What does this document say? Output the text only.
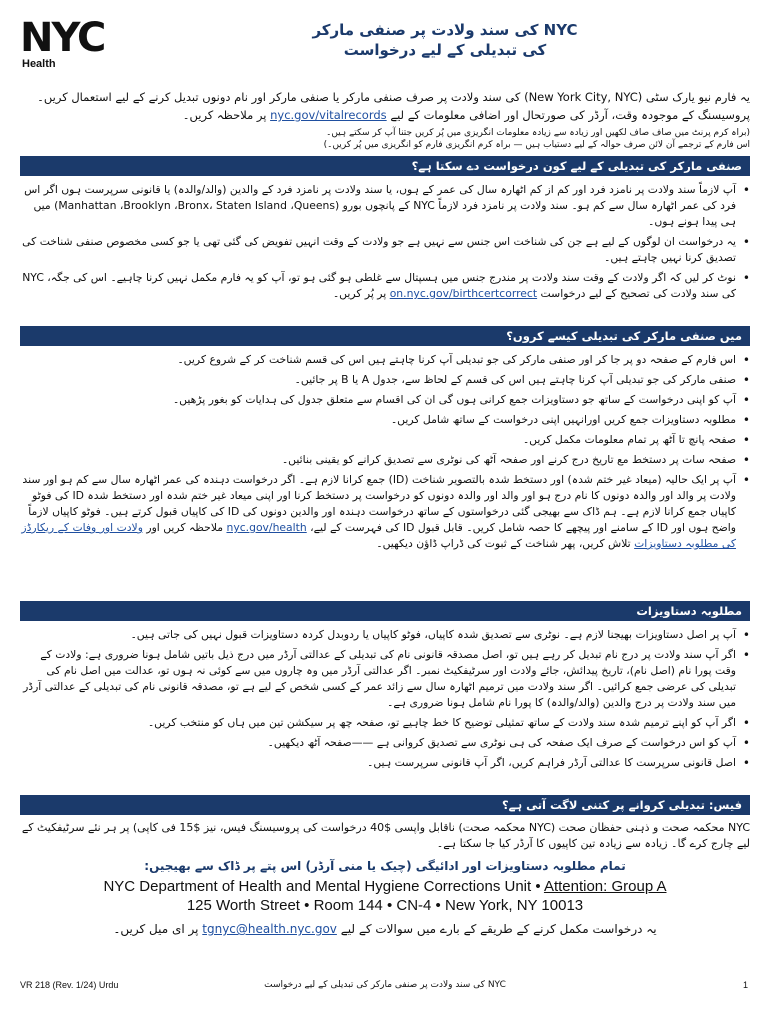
NYC
Health
NYC کی سند ولادت پر صنفی مارکر
کی تبدیلی کے لیے درخواست
یہ فارم نیو یارک سٹی (New York City, NYC) کی سند ولادت پر صرف صنفی مارکر یا صنفی مارکر اور نام دونوں تبدیل کرنے کے لیے استعمال کریں۔ پروسیسنگ کے موجودہ وقت، آرڈر کی صورتحال اور اضافی معلومات کے لیے nyc.gov/vitalrecords پر ملاحظہ کریں۔
(براہ کرم پرنٹ میں صاف صاف لکھیں اور زیادہ سے زیادہ معلومات انگریزی میں پُر کریں جتنا آپ کر سکتے ہیں۔
اس فارم کے ترجمے آن لائن صرف حوالہ کے لیے دستیاب ہیں — براہ کرم انگریزی فارم کو انگریزی میں پُر کریں۔)
صنفی مارکر کی تبدیلی کے لیے کون درخواست دے سکتا ہے؟
• آپ لازماً سند ولادت پر نامزد فرد اور کم از کم اٹھارہ سال کی عمر کے ہوں، یا سند ولادت پر نامزد فرد کے والدین (والد/والدہ) یا قانونی سرپرست ہوں اگر اس فرد کی عمر اٹھارہ سال سے کم ہو۔ سند ولادت پر نامزد فرد لازماً NYC کے پانچوں بورو (Manhattan ،Brooklyn ،Bronx، Staten Island ،Queens) میں ہی پیدا ہونے ہوں۔
• یہ درخواست ان لوگوں کے لیے ہے جن کی شناخت اس جنس سے نہیں ہے جو ولادت کے وقت انہیں تفویض کی گئی تھی یا جو کسی مخصوص صنفی شناخت کی تصدیق کرنا نہیں چاہتے ہیں۔
• نوٹ کر لیں کہ اگر ولادت کے وقت سند ولادت پر مندرج جنس میں ہسپتال سے غلطی ہو گئی ہو تو، آپ کو یہ فارم مکمل نہیں کرنا چاہیے۔ اس کی جگہ، NYC کی سند ولادت کی تصحیح کے لیے درخواست on.nyc.gov/birthcertcorrect پر پُر کریں۔
میں صنفی مارکر کی تبدیلی کیسے کروں؟
• اس فارم کے صفحہ دو پر جا کر اور صنفی مارکر کی جو تبدیلی آپ کرنا چاہتے ہیں اس کی قسم شناخت کر کے شروع کریں۔
• صنفی مارکر کی جو تبدیلی آپ کرنا چاہتے ہیں اس کی قسم کے لحاظ سے، جدول A یا B پر جائیں۔
• آپ کو اپنی درخواست کے ساتھ جو دستاویزات جمع کرانی ہوں گی ان کی اقسام سے متعلق جدول کی ہدایات کو بغور پڑھیں۔
• مطلوبہ دستاویزات جمع کریں اورانہیں اپنی درخواست کے ساتھ شامل کریں۔
• صفحہ پانچ تا آٹھ پر تمام معلومات مکمل کریں۔
• صفحہ سات پر دستخط مع تاریخ درج کرنے اور صفحہ آٹھ کی نوٹری سے تصدیق کرانے کو یقینی بنائیں۔
• آپ پر ایک حالیہ (میعاد غیر ختم شدہ) اور دستخط شدہ بالتصویر شناخت (ID) جمع کرانا لازم ہے۔ اگر درخواست دہندہ کی عمر اٹھارہ سال سے کم ہو اور سند ولادت پر والد اور والدہ دونوں کا نام درج ہو اور والد اور والدہ دونوں کو درخواست پر دستخط کرنا اور اپنی میعاد غیر ختم شدہ اور دستخط شدہ ID کی فوٹو کاپیاں جمع کرانا لازم ہے۔ ہم ڈاک سے بھیجی گئی درخواستوں کے ساتھ درخواست دہندہ اور والدین دونوں کی ID کی کاپیاں قبول کرتے ہیں۔ فوٹو کاپیاں لازماً واضح ہوں اور ID کے سامنے اور پیچھے کا حصہ شامل کریں۔ قابل قبول ID کی فہرست کے لیے، nyc.gov/health ملاحظہ کریں اور ولادت اور وفات کے ریکارڈز کی مطلوبہ دستاویزات تلاش کریں، پھر شناخت کے ثبوت کی ڈراپ ڈاؤن دیکھیں۔
مطلوبہ دستاویزات
• آپ پر اصل دستاویزات بھیجنا لازم ہے۔ نوٹری سے تصدیق شدہ کاپیاں، فوٹو کاپیاں یا ردوبدل کردہ دستاویزات قبول نہیں کی جاتی ہیں۔
• اگر آپ سند ولادت پر درج نام تبدیل کر رہے ہیں تو، اصل مصدقہ قانونی نام کی تبدیلی کے عدالتی آرڈر میں درج ذیل باتیں شامل ہونا ضروری ہے: ولادت کے وقت پورا نام (اصل نام)، تاریخ پیدائش، جائے ولادت اور سرٹیفکیٹ نمبر۔ اگر عدالتی آرڈر میں وہ چاروں میں سے کوئی نہ ہوں تو، عدالت میں اصل نام کی تبدیلی کی عرضی جمع کرائیں۔ اگر سند ولادت میں ترمیم اٹھارہ سال سے زائد عمر کے کسی شخص کے لیے ہے تو، مصدقہ قانونی نام کی تبدیلی کے عدالتی آرڈر میں سند ولادت پر درج والدین (والد/والدہ) کا پورا نام شامل ہونا ضروری ہے۔
• اگر آپ کو اپنے ترمیم شدہ سند ولادت کے ساتھ تمثیلی توضیح کا خط چاہیے تو، صفحہ چھ پر سیکشن تین میں ہاں کو منتخب کریں۔
• آپ کو اس درخواست کے صرف ایک صفحہ کی ہی نوٹری سے تصدیق کروانی ہے ——صفحہ آٹھ دیکھیں۔
• اصل قانونی سرپرست کا عدالتی آرڈر فراہم کریں، اگر آپ قانونی سرپرست ہیں۔
فیس: تبدیلی کروانے پر کتنی لاگت آتی ہے؟
NYC محکمہ صحت و ذہنی حفظان صحت (NYC محکمہ صحت) ناقابل واپسی $40 درخواست کی پروسیسنگ فیس، نیز $15 فی کاپی) پر ہر نئے سرٹیفکیٹ کے لیے چارج کرے گا۔ زیادہ سے زیادہ تین کاپیوں کا آرڈر کیا جا سکتا ہے۔
تمام مطلوبہ دستاویزات اور ادائیگی (چیک یا منی آرڈر) اس پتے پر ڈاک سے بھیجیں:
NYC Department of Health and Mental Hygiene Corrections Unit • Attention: Group A
125 Worth Street • Room 144 • CN-4 • New York, NY 10013
یہ درخواست مکمل کرنے کے طریقے کے بارے میں سوالات کے لیے tgnyc@health.nyc.gov پر ای میل کریں۔
VR 218 (Rev. 1/24) Urdu	NYC کی سند ولادت پر صنفی مارکر کی تبدیلی کے لیے درخواست	1
